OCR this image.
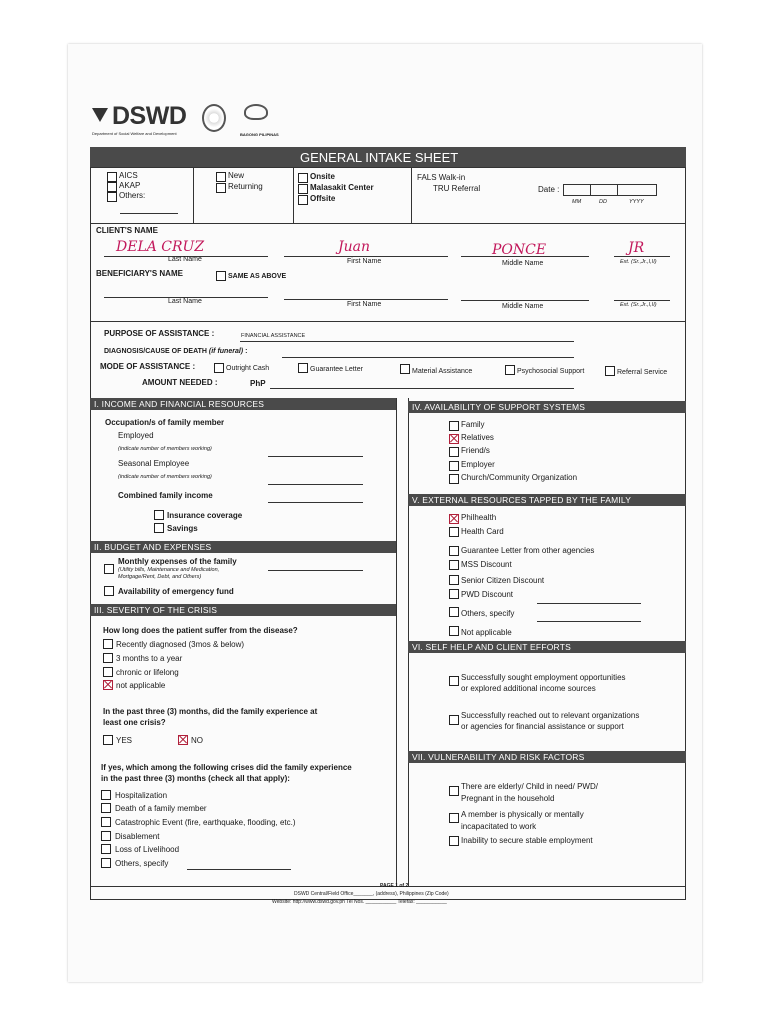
DSWD
Department of Social Welfare and Development	BAGONG PILIPINAS
GENERAL INTAKE SHEET
AICS
AKAP
Others:
New
Returning
Onsite
Malasakit Center
Offsite
FALS Walk-in
TRU Referral	Date :
MM	DD	YYYY
CLIENT'S NAME
DELA CRUZ	Juan	PONCE	JR
Last Name	First Name	Middle Name	Ext. (Sr.,Jr.,I,II)
BENEFICIARY'S NAME	SAME AS ABOVE
Last Name	First Name	Middle Name	Ext. (Sr.,Jr.,I,II)
PURPOSE OF ASSISTANCE :	FINANCIAL ASSISTANCE
DIAGNOSIS/CAUSE OF DEATH (if funeral) :
MODE OF ASSISTANCE :	Outright Cash	Guarantee Letter	Material Assistance	Psychosocial Support	Referral Service
AMOUNT NEEDED :	PhP
I. INCOME AND FINANCIAL RESOURCES
Occupation/s of family member
Employed
(indicate number of members working)
Seasonal Employee
(indicate number of members working)
Combined family income
Insurance coverage
Savings
II. BUDGET AND EXPENSES
Monthly expenses of the family
(Utility bills, Maintenance and Medication,
Mortgage/Rent, Debt, and Others)
Availability of emergency fund
III. SEVERITY OF THE CRISIS
How long does the patient suffer from the disease?
Recently diagnosed (3mos & below)
3 months to a year
chronic or lifelong
not applicable
In the past three (3) months, did the family experience at
least one crisis?
YES	NO
If yes, which among the following crises did the family experience
in the past three (3) months (check all that apply):
Hospitalization
Death of a family member
Catastrophic Event (fire, earthquake, flooding, etc.)
Disablement
Loss of Livelihood
Others, specify
IV. AVAILABILITY OF SUPPORT SYSTEMS
Family
Relatives
Friend/s
Employer
Church/Community Organization
V. EXTERNAL RESOURCES TAPPED BY THE FAMILY
Philhealth
Health Card
Guarantee Letter from other agencies
MSS Discount
Senior Citizen Discount
PWD Discount
Others, specify
Not applicable
VI. SELF HELP AND CLIENT EFFORTS
Successfully sought employment opportunities
or explored additional income sources
Successfully reached out to relevant organizations
or agencies for financial assistance or support
VII. VULNERABILITY AND RISK FACTORS
There are elderly/ Child in need/ PWD/
Pregnant in the household
A member is physically or mentally
incapacitated to work
Inability to secure stable employment
PAGE 1 of 2
DSWD Central/Field Office_______, (address), Philippines (Zip Code)
Website: http://www.dswd.gov.ph Tel Nos. ___________ Telefax: ___________
